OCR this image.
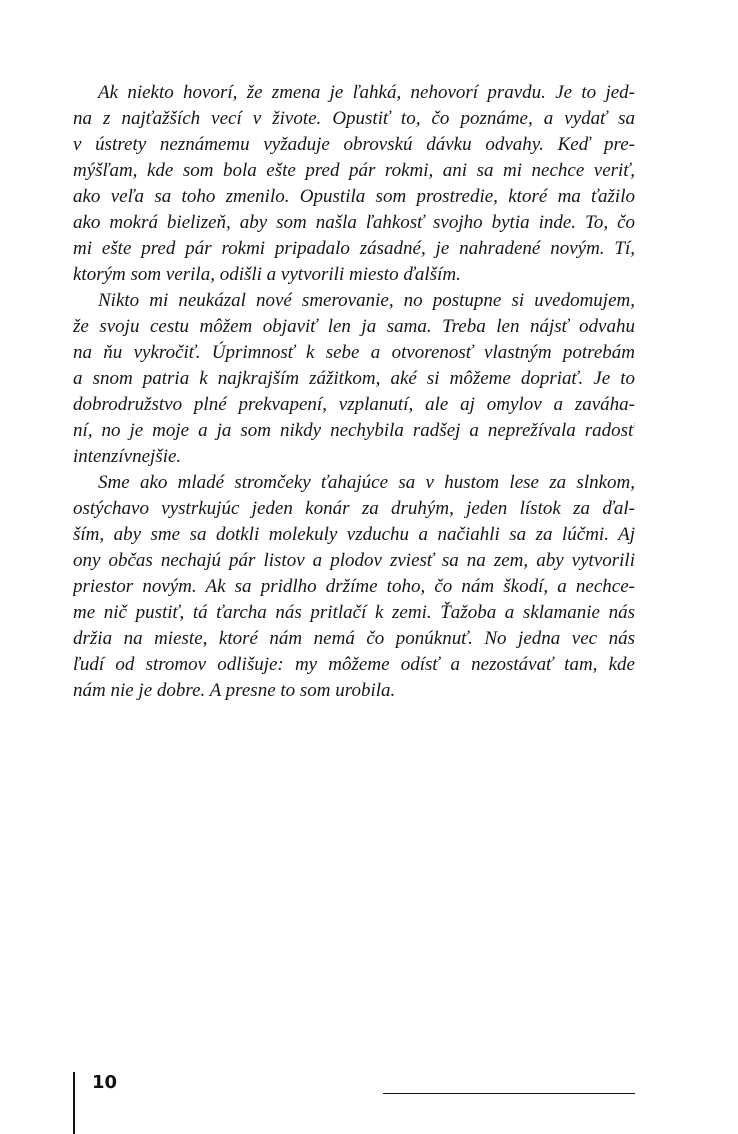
Ak niekto hovorí, že zmena je ľahká, nehovorí pravdu. Je to jed-
na z najťažších vecí v živote. Opustiť to, čo poznáme, a vydať sa
v ústrety neznámemu vyžaduje obrovskú dávku odvahy. Keď pre-
mýšľam, kde som bola ešte pred pár rokmi, ani sa mi nechce veriť,
ako veľa sa toho zmenilo. Opustila som prostredie, ktoré ma ťažilo
ako mokrá bielizeň, aby som našla ľahkosť svojho bytia inde. To, čo
mi ešte pred pár rokmi pripadalo zásadné, je nahradené novým. Tí,
ktorým som verila, odišli a vytvorili miesto ďalším.
Nikto mi neukázal nové smerovanie, no postupne si uvedomujem,
že svoju cestu môžem objaviť len ja sama. Treba len nájsť odvahu
na ňu vykročiť. Úprimnosť k sebe a otvorenosť vlastným potrebám
a snom patria k najkrajším zážitkom, aké si môžeme dopriať. Je to
dobrodružstvo plné prekvapení, vzplanutí, ale aj omylov a zaváha-
ní, no je moje a ja som nikdy nechybila radšej a neprežívala radosť
intenzívnejšie.
Sme ako mladé stromčeky ťahajúce sa v hustom lese za slnkom,
ostýchavo vystrkujúc jeden konár za druhým, jeden lístok za ďal-
ším, aby sme sa dotkli molekuly vzduchu a načiahli sa za lúčmi. Aj
ony občas nechajú pár listov a plodov zviesť sa na zem, aby vytvorili
priestor novým. Ak sa pridlho držíme toho, čo nám škodí, a nechce-
me nič pustiť, tá ťarcha nás pritlačí k zemi. Ťažoba a sklamanie nás
držia na mieste, ktoré nám nemá čo ponúknuť. No jedna vec nás
ľudí od stromov odlišuje: my môžeme odísť a nezostávať tam, kde
nám nie je dobre. A presne to som urobila.
10
